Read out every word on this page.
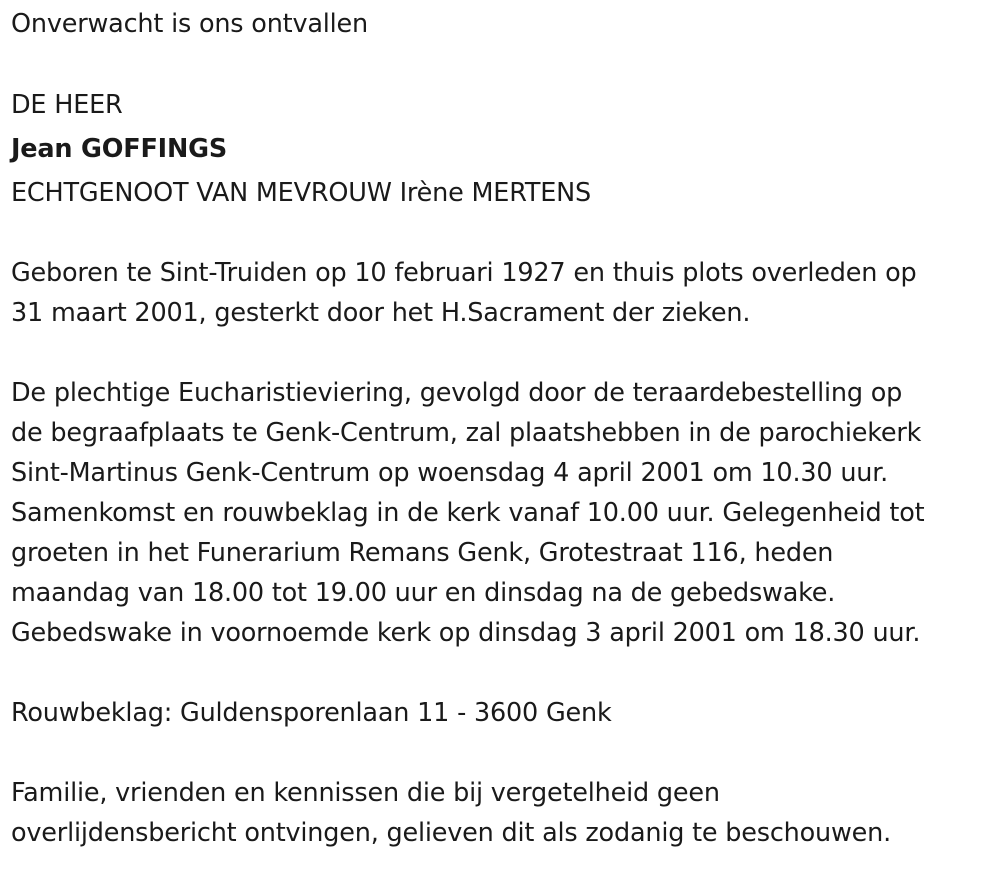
Onverwacht is ons ontvallen
DE HEER
Jean GOFFINGS
ECHTGENOOT VAN MEVROUW Irène MERTENS
Geboren te Sint-Truiden op 10 februari 1927 en thuis plots overleden op
31 maart 2001, gesterkt door het H.Sacrament der zieken.
De plechtige Eucharistieviering, gevolgd door de teraardebestelling op
de begraafplaats te Genk-Centrum, zal plaatshebben in de parochiekerk
Sint-Martinus Genk-Centrum op woensdag 4 april 2001 om 10.30 uur.
Samenkomst en rouwbeklag in de kerk vanaf 10.00 uur. Gelegenheid tot
groeten in het Funerarium Remans Genk, Grotestraat 116, heden
maandag van 18.00 tot 19.00 uur en dinsdag na de gebedswake.
Gebedswake in voornoemde kerk op dinsdag 3 april 2001 om 18.30 uur.
Rouwbeklag: Guldensporenlaan 11 - 3600 Genk
Familie, vrienden en kennissen die bij vergetelheid geen
overlijdensbericht ontvingen, gelieven dit als zodanig te beschouwen.
